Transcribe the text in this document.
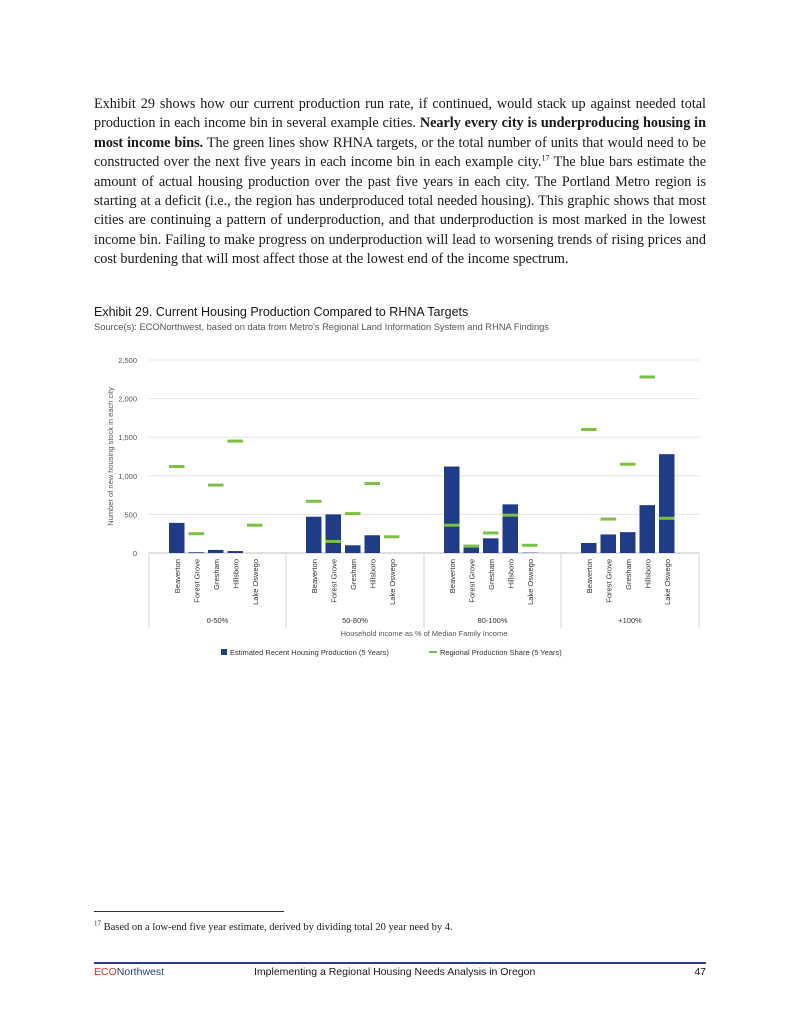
Exhibit 29 shows how our current production run rate, if continued, would stack up against needed total production in each income bin in several example cities. Nearly every city is underproducing housing in most income bins. The green lines show RHNA targets, or the total number of units that would need to be constructed over the next five years in each income bin in each example city.$^{17}$ The blue bars estimate the amount of actual housing production over the past five years in each city. The Portland Metro region is starting at a deficit (i.e., the region has underproduced total needed housing). This graphic shows that most cities are continuing a pattern of underproduction, and that underproduction is most marked in the lowest income bin. Failing to make progress on underproduction will lead to worsening trends of rising prices and cost burdening that will most affect those at the lowest end of the income spectrum.
Exhibit 29. Current Housing Production Compared to RHNA Targets
Source(s): ECONorthwest, based on data from Metro's Regional Land Information System and RHNA Findings
0
500
1,000
1,500
2,000
2,500
Number of new housing stock in each city
Beaverton Forest Grove Gresham Hillsboro Lake Oswego
0-50%
Beaverton Forest Grove Gresham Hillsboro Lake Oswego
50-80%
Beaverton Forest Grove Gresham Hillsboro Lake Oswego
80-100%
Beaverton Forest Grove Gresham Hillsboro Lake Oswego
+100%
Household income as % of Median Family Income
Estimated Recent Housing Production (5 Years)	Regional Production Share (5 Years)
$^{17}$ Based on a low-end five year estimate, derived by dividing total 20 year need by 4.
ECONorthwest	Implementing a Regional Housing Needs Analysis in Oregon	47
